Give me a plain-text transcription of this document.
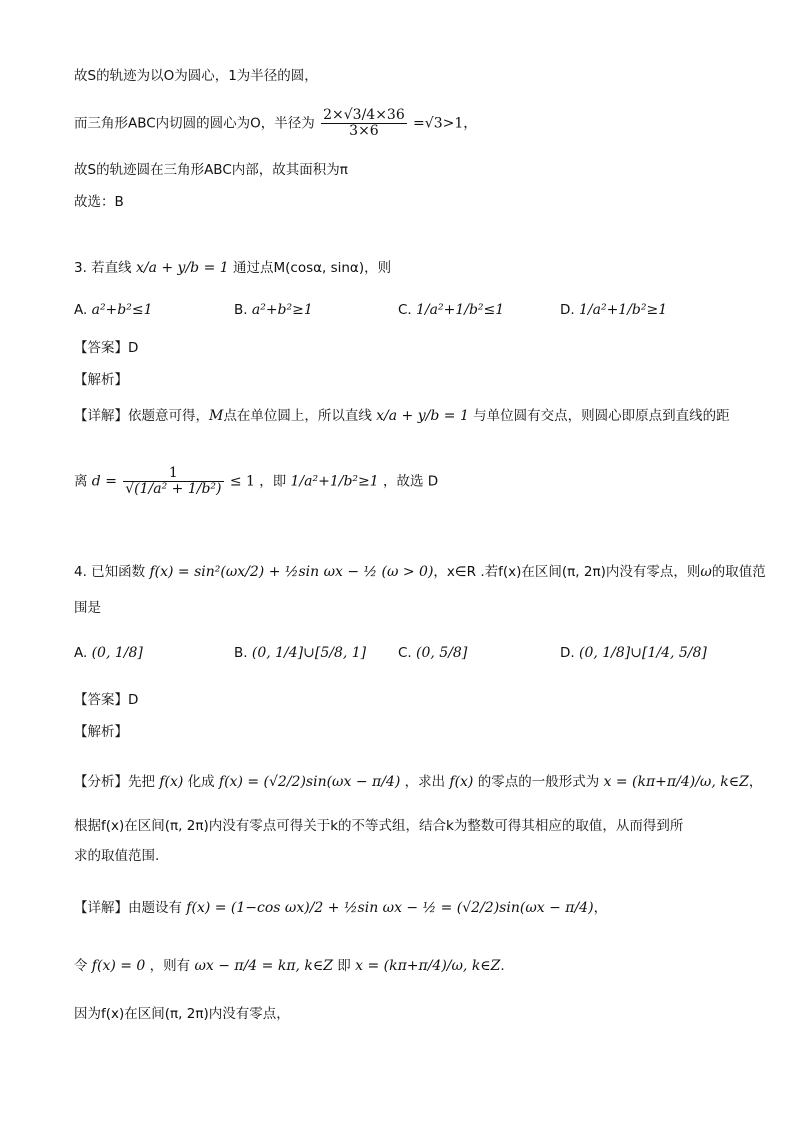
故S的轨迹为以O为圆心，1为半径的圆，
而三角形ABC内切圆的圆心为O，半径为 $\frac{2\times√3/4\times 36}{3\times 6} =√3>1$，
故S的轨迹圆在三角形ABC内部，故其面积为π
故选：B
3. 若直线 x/a + y/b = 1 通过点M(cosα, sinα)，则
A. a²+b²≤1	B. a²+b²≥1	C. 1/a²+1/b²≤1	D. 1/a²+1/b²≥1
【答案】D
【解析】
【详解】依题意可得，M点在单位圆上，所以直线 x/a + y/b = 1 与单位圆有交点，则圆心即原点到直线的距
离 $d = \frac{1}{\text{√(1/a² + 1/b²)}} \le 1$ ，即 1/a²+1/b²≥1 ，故选 D
4. 已知函数 f(x) = sin²(ωx/2) + ½sin ωx − ½ (ω > 0)，x∈R .若f(x)在区间(π, 2π)内没有零点，则ω的取值范
围是
A. (0, 1/8]	B. (0, 1/4]∪[5/8, 1] C. (0, 5/8]	D. (0, 1/8]∪[1/4, 5/8]
【答案】D
【解析】
【分析】先把 f(x) 化成 f(x) = (√2/2)sin(ωx − π/4) ，求出 f(x) 的零点的一般形式为 x = (kπ+π/4)/ω, k∈Z，
根据f(x)在区间(π, 2π)内没有零点可得关于k的不等式组，结合k为整数可得其相应的取值，从而得到所
求的取值范围.
【详解】由题设有 f(x) = (1−cos ωx)/2 + ½sin ωx − ½ = (√2/2)sin(ωx − π/4)，
令 f(x) = 0 ，则有 ωx − π/4 = kπ, k∈Z 即 x = (kπ+π/4)/ω, k∈Z.
因为f(x)在区间(π, 2π)内没有零点，
